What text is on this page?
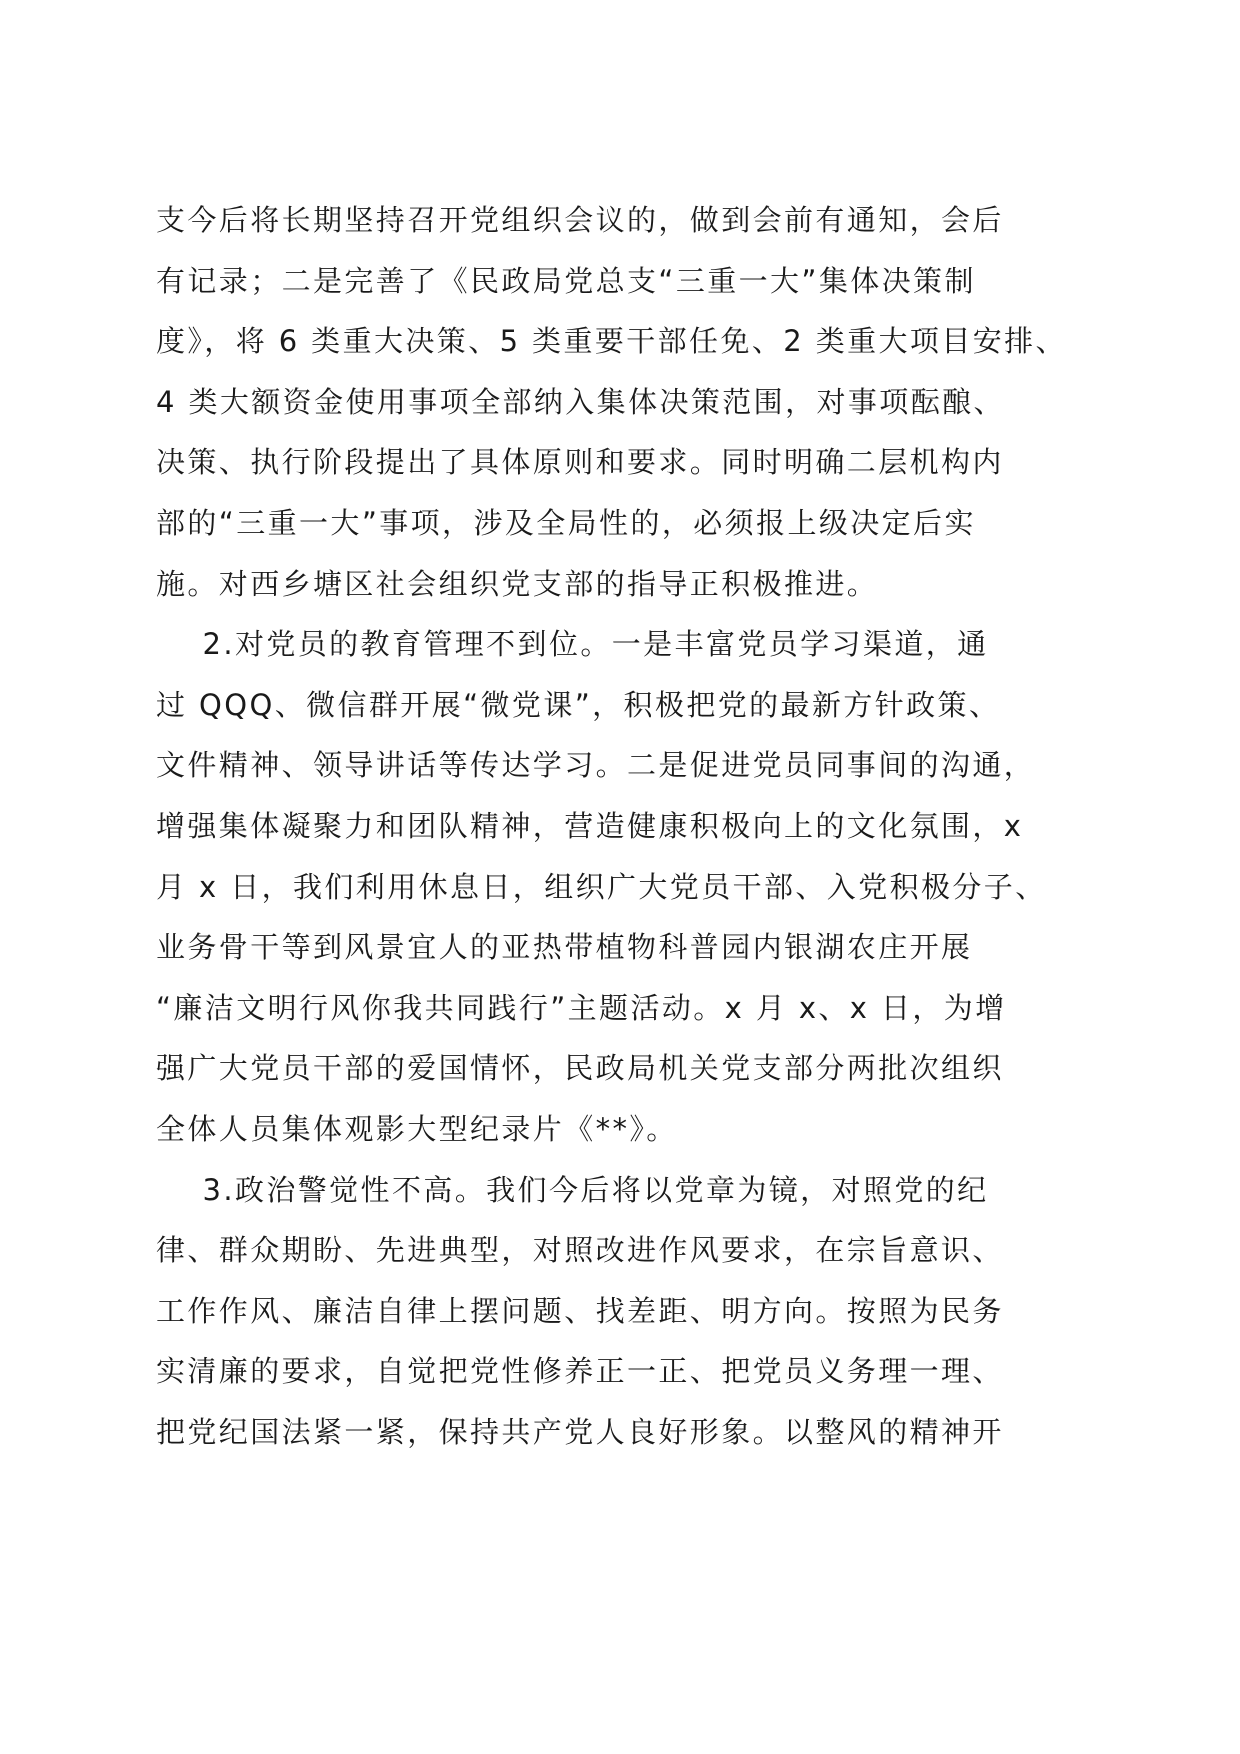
支今后将长期坚持召开党组织会议的，做到会前有通知，会后
有记录；二是完善了《民政局党总支“三重一大”集体决策制
度》，将 6 类重大决策、5 类重要干部任免、2 类重大项目安排、
4 类大额资金使用事项全部纳入集体决策范围，对事项酝酿、
决策、执行阶段提出了具体原则和要求。同时明确二层机构内
部的“三重一大”事项，涉及全局性的，必须报上级决定后实
施。对西乡塘区社会组织党支部的指导正积极推进。
2.对党员的教育管理不到位。一是丰富党员学习渠道，通
过 QQQ、微信群开展“微党课”，积极把党的最新方针政策、
文件精神、领导讲话等传达学习。二是促进党员同事间的沟通，
增强集体凝聚力和团队精神，营造健康积极向上的文化氛围，x
月 x 日，我们利用休息日，组织广大党员干部、入党积极分子、
业务骨干等到风景宜人的亚热带植物科普园内银湖农庄开展
“廉洁文明行风你我共同践行”主题活动。x 月 x、x 日，为增
强广大党员干部的爱国情怀，民政局机关党支部分两批次组织
全体人员集体观影大型纪录片《**》。
3.政治警觉性不高。我们今后将以党章为镜，对照党的纪
律、群众期盼、先进典型，对照改进作风要求，在宗旨意识、
工作作风、廉洁自律上摆问题、找差距、明方向。按照为民务
实清廉的要求，自觉把党性修养正一正、把党员义务理一理、
把党纪国法紧一紧，保持共产党人良好形象。以整风的精神开
